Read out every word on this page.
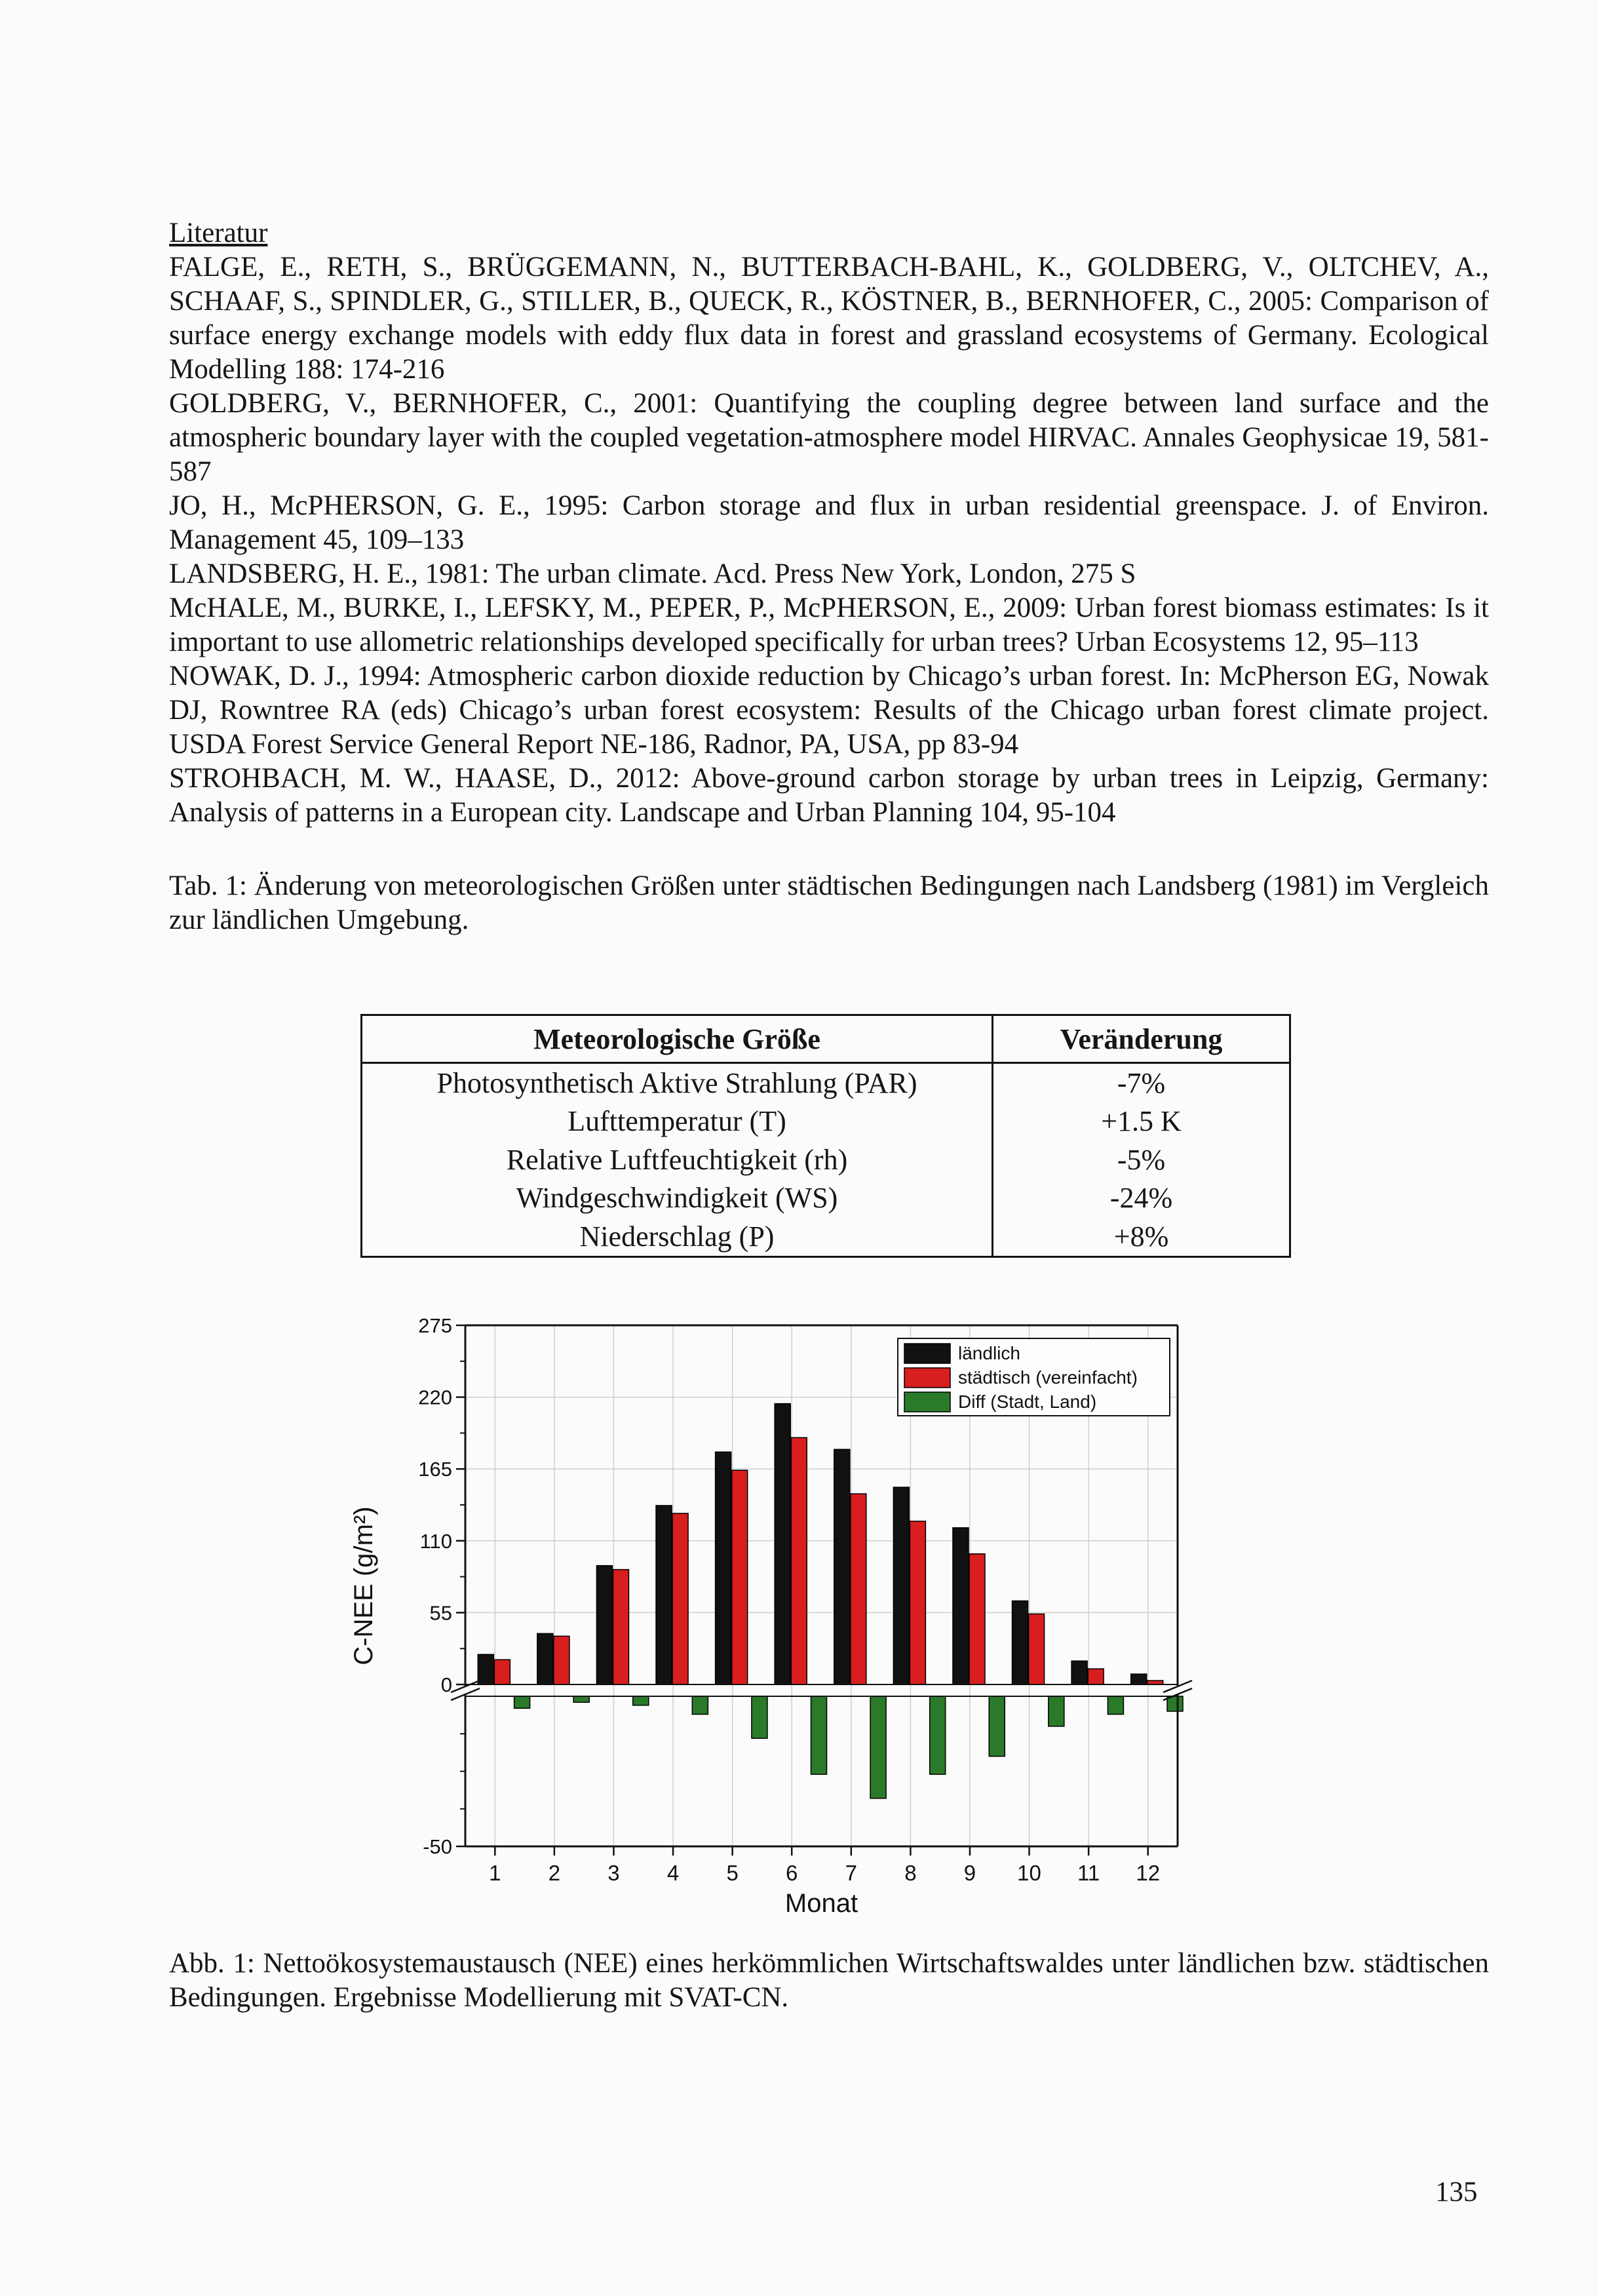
Literatur
FALGE, E., RETH, S., BRÜGGEMANN, N., BUTTERBACH-BAHL, K., GOLDBERG, V., OLTCHEV, A., SCHAAF, S., SPINDLER, G., STILLER, B., QUECK, R., KÖSTNER, B., BERNHOFER, C., 2005: Comparison of surface energy exchange models with eddy flux data in forest and grassland ecosystems of Germany. Ecological Modelling 188: 174-216
GOLDBERG, V., BERNHOFER, C., 2001: Quantifying the coupling degree between land surface and the atmospheric boundary layer with the coupled vegetation-atmosphere model HIRVAC. Annales Geophysicae 19, 581-587
JO, H., McPHERSON, G. E., 1995: Carbon storage and flux in urban residential greenspace. J. of Environ. Management 45, 109–133
LANDSBERG, H. E., 1981: The urban climate. Acd. Press New York, London, 275 S
McHALE, M., BURKE, I., LEFSKY, M., PEPER, P., McPHERSON, E., 2009: Urban forest biomass estimates: Is it important to use allometric relationships developed specifically for urban trees? Urban Ecosystems 12, 95–113
NOWAK, D. J., 1994: Atmospheric carbon dioxide reduction by Chicago’s urban forest. In: McPherson EG, Nowak DJ, Rowntree RA (eds) Chicago’s urban forest ecosystem: Results of the Chicago urban forest climate project. USDA Forest Service General Report NE-186, Radnor, PA, USA, pp 83-94
STROHBACH, M. W., HAASE, D., 2012: Above-ground carbon storage by urban trees in Leipzig, Germany: Analysis of patterns in a European city. Landscape and Urban Planning 104, 95-104
Tab. 1: Änderung von meteorologischen Größen unter städtischen Bedingungen nach Landsberg (1981) im Vergleich zur ländlichen Umgebung.
Meteorologische Größe	Veränderung
Photosynthetisch Aktive Strahlung (PAR)	-7%
Lufttemperatur (T)	+1.5 K
Relative Luftfeuchtigkeit (rh)	-5%
Windgeschwindigkeit (WS)	-24%
Niederschlag (P)	+8%
275
220
165
110
55
0
-50
1 2 3 4 5 6 7 8 9 10 11 12
Monat
C-NEE (g/m²)
ländlich
städtisch (vereinfacht)
Diff (Stadt, Land)
Abb. 1: Nettoökosystemaustausch (NEE) eines herkömmlichen Wirtschaftswaldes unter ländlichen bzw. städtischen Bedingungen. Ergebnisse Modellierung mit SVAT-CN.
135
